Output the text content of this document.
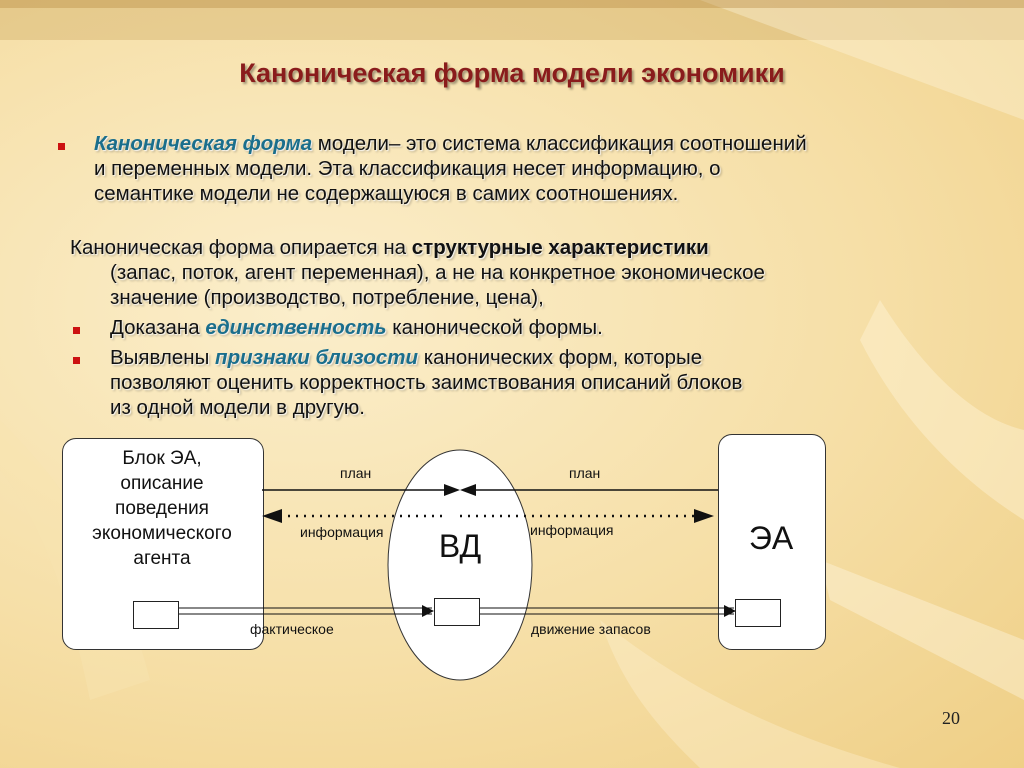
Каноническая форма модели экономики
Каноническая форма модели– это система классификация соотношений
и переменных модели. Эта классификация несет информацию, о
семантике модели не содержащуюся в самих соотношениях.
Каноническая форма опирается на структурные характеристики
(запас, поток, агент переменная), а не на конкретное экономическое
значение (производство, потребление, цена),
Доказана единственность канонической формы.
Выявлены признаки близости канонических форм, которые
позволяют оценить корректность заимствования описаний блоков
из одной модели в другую.
Блок ЭА,
описание
поведения
экономического
агента	ВД	ЭА
план	план
информация	информация
фактическое	движение запасов
20
